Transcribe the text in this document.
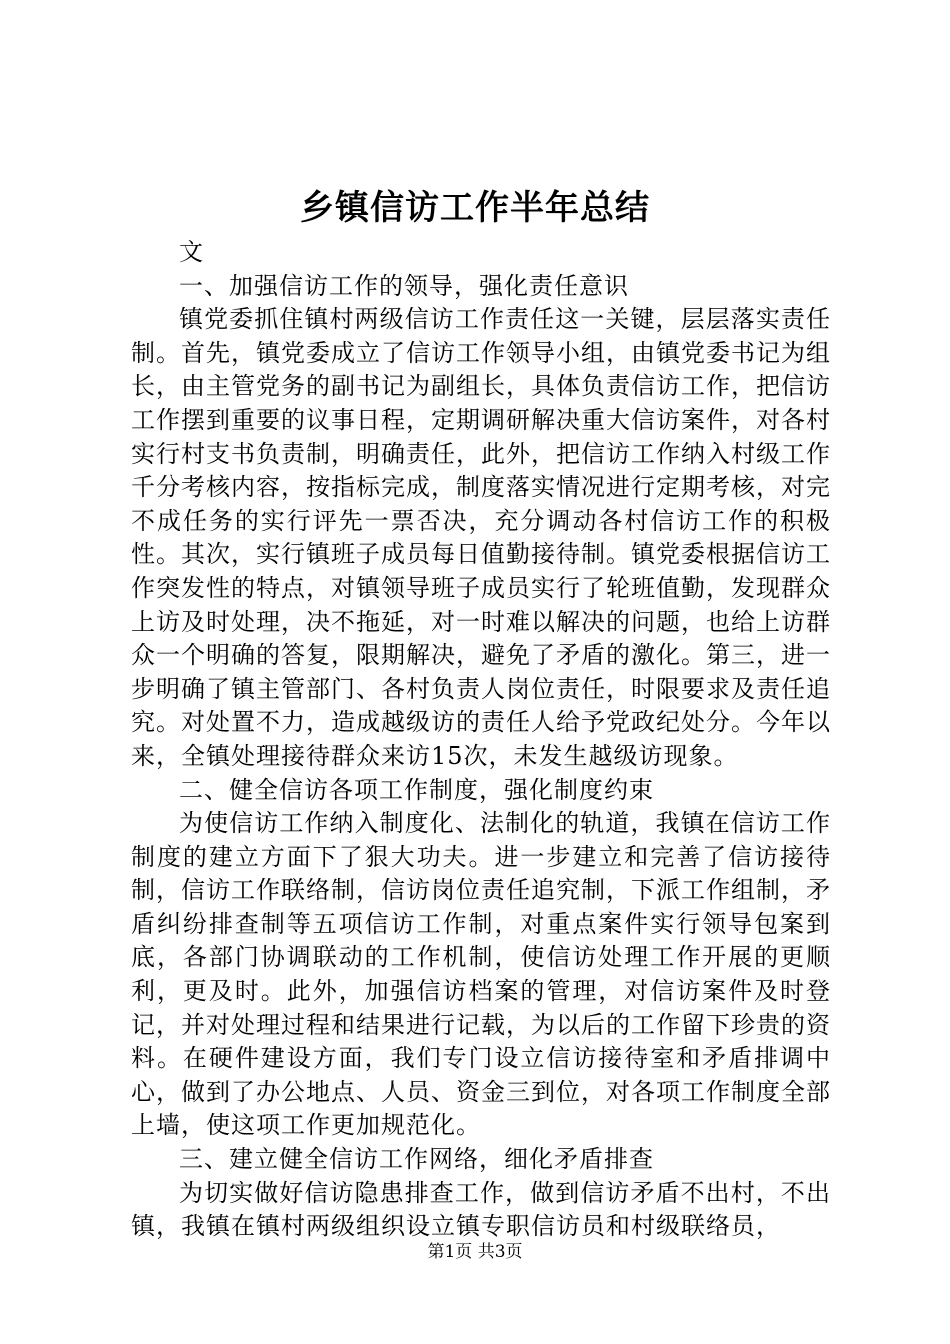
乡镇信访工作半年总结

文

一、加强信访工作的领导，强化责任意识

镇党委抓住镇村两级信访工作责任这一关键，层层落实责任制。首先，镇党委成立了信访工作领导小组，由镇党委书记为组长，由主管党务的副书记为副组长，具体负责信访工作，把信访工作摆到重要的议事日程，定期调研解决重大信访案件，对各村实行村支书负责制，明确责任，此外，把信访工作纳入村级工作千分考核内容，按指标完成，制度落实情况进行定期考核，对完不成任务的实行评先一票否决，充分调动各村信访工作的积极性。其次，实行镇班子成员每日值勤接待制。镇党委根据信访工作突发性的特点，对镇领导班子成员实行了轮班值勤，发现群众上访及时处理，决不拖延，对一时难以解决的问题，也给上访群众一个明确的答复，限期解决，避免了矛盾的激化。第三，进一步明确了镇主管部门、各村负责人岗位责任，时限要求及责任追究。对处置不力，造成越级访的责任人给予党政纪处分。今年以来，全镇处理接待群众来访15次，未发生越级访现象。

二、健全信访各项工作制度，强化制度约束

为使信访工作纳入制度化、法制化的轨道，我镇在信访工作制度的建立方面下了狠大功夫。进一步建立和完善了信访接待制，信访工作联络制，信访岗位责任追究制，下派工作组制，矛盾纠纷排查制等五项信访工作制，对重点案件实行领导包案到底，各部门协调联动的工作机制，使信访处理工作开展的更顺利，更及时。此外，加强信访档案的管理，对信访案件及时登记，并对处理过程和结果进行记载，为以后的工作留下珍贵的资料。在硬件建设方面，我们专门设立信访接待室和矛盾排调中心，做到了办公地点、人员、资金三到位，对各项工作制度全部上墙，使这项工作更加规范化。

三、建立健全信访工作网络，细化矛盾排查

为切实做好信访隐患排查工作，做到信访矛盾不出村，不出镇，我镇在镇村两级组织设立镇专职信访员和村级联络员，

第1页 共3页
